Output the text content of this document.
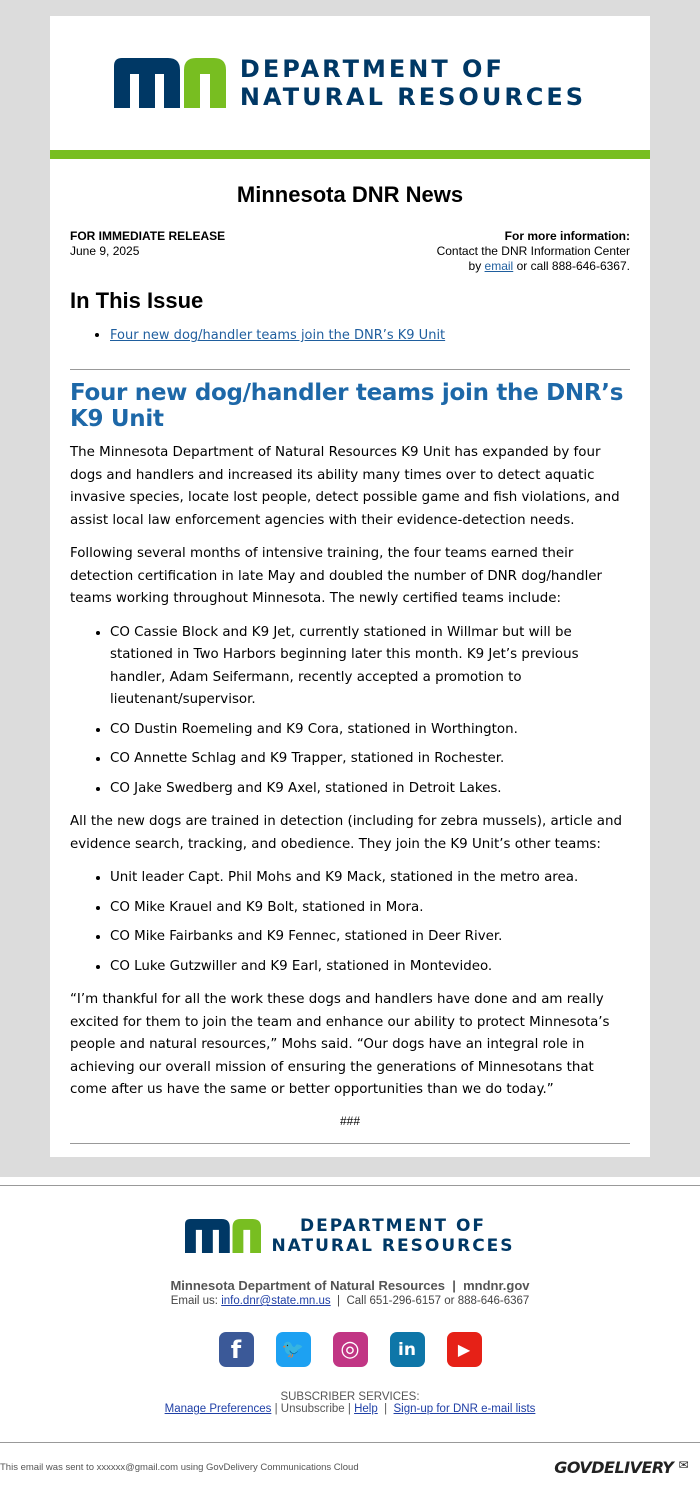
DEPARTMENT OF
NATURAL RESOURCES
Minnesota DNR News
FOR IMMEDIATE RELEASE
June 9, 2025
For more information:
Contact the DNR Information Center
by email or call 888-646-6367.
In This Issue
• Four new dog/handler teams join the DNR’s K9 Unit
Four new dog/handler teams join the DNR’s K9 Unit

The Minnesota Department of Natural Resources K9 Unit has expanded by four dogs and handlers and increased its ability many times over to detect aquatic invasive species, locate lost people, detect possible game and fish violations, and assist local law enforcement agencies with their evidence-detection needs.

Following several months of intensive training, the four teams earned their detection certification in late May and doubled the number of DNR dog/handler teams working throughout Minnesota. The newly certified teams include:

• CO Cassie Block and K9 Jet, currently stationed in Willmar but will be stationed in Two Harbors beginning later this month. K9 Jet’s previous handler, Adam Seifermann, recently accepted a promotion to lieutenant/supervisor.
• CO Dustin Roemeling and K9 Cora, stationed in Worthington.
• CO Annette Schlag and K9 Trapper, stationed in Rochester.
• CO Jake Swedberg and K9 Axel, stationed in Detroit Lakes.

All the new dogs are trained in detection (including for zebra mussels), article and evidence search, tracking, and obedience. They join the K9 Unit’s other teams:

• Unit leader Capt. Phil Mohs and K9 Mack, stationed in the metro area.
• CO Mike Krauel and K9 Bolt, stationed in Mora.
• CO Mike Fairbanks and K9 Fennec, stationed in Deer River.
• CO Luke Gutzwiller and K9 Earl, stationed in Montevideo.

“I’m thankful for all the work these dogs and handlers have done and am really excited for them to join the team and enhance our ability to protect Minnesota’s people and natural resources,” Mohs said. “Our dogs have an integral role in achieving our overall mission of ensuring the generations of Minnesotans that come after us have the same or better opportunities than we do today.”

###
DEPARTMENT OF
NATURAL RESOURCES
Minnesota Department of Natural Resources  |  mndnr.gov
Email us: info.dnr@state.mn.us  |  Call 651-296-6157 or 888-646-6367
f	🐦	◎	in	▶
SUBSCRIBER SERVICES:
Manage Preferences | Unsubscribe | Help  |  Sign-up for DNR e-mail lists
This email was sent to xxxxxx@gmail.com using GovDelivery Communications Cloud	GOVDELIVERY ✉
